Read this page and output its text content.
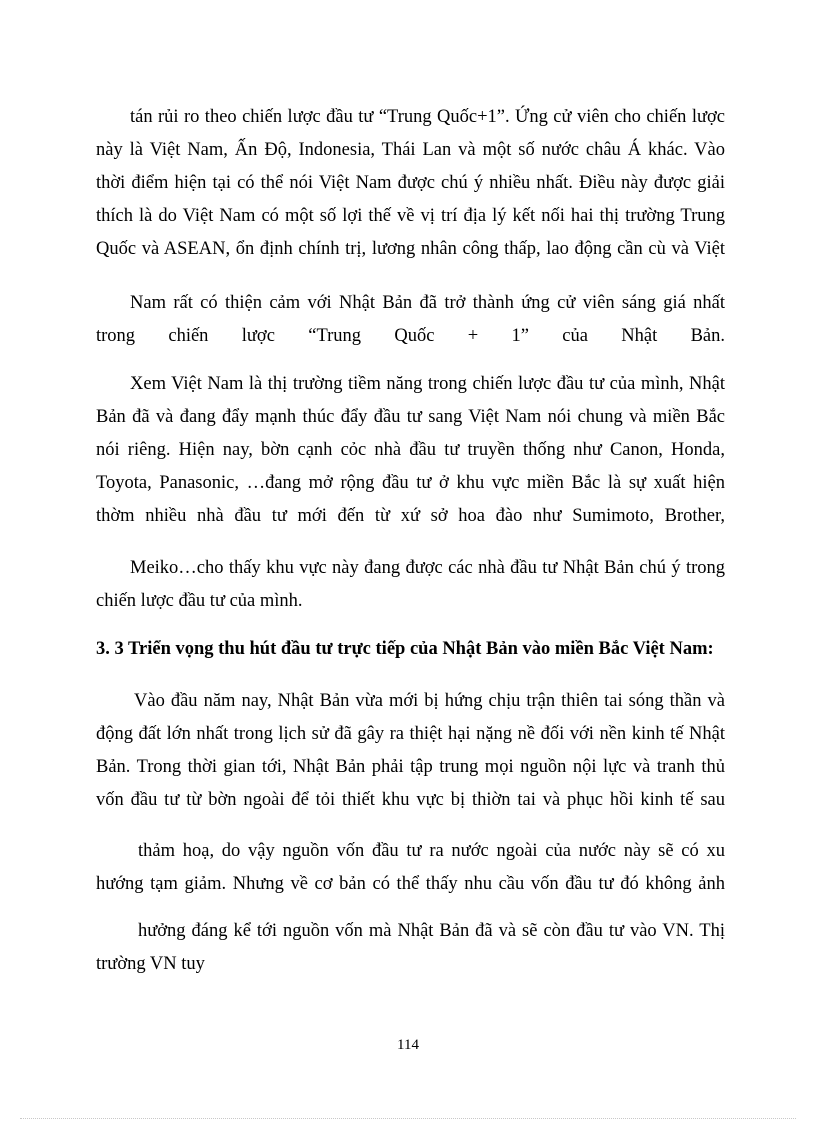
tán rủi ro theo chiến lược đầu tư “Trung Quốc+1”. Ứng cử viên cho chiến lược
này là Việt Nam, Ấn Độ, Indonesia, Thái Lan và một số nước châu Á khác. Vào
thời điểm hiện tại có thể nói Việt Nam được chú ý nhiều nhất. Điều này được giải
thích là do Việt Nam có một số lợi thế về vị trí địa lý kết nối hai thị trường Trung
Quốc và ASEAN, ổn định chính trị, lương nhân công thấp, lao động cần cù và Việt
Nam rất có thiện cảm với Nhật Bản đã trở thành ứng cử viên sáng giá nhất
trong chiến lược “Trung Quốc + 1” của Nhật Bản.
Xem Việt Nam là thị trường tiềm năng trong chiến lược đầu tư của mình, Nhật
Bản đã và đang đẩy mạnh thúc đẩy đầu tư sang Việt Nam nói chung và miền Bắc
nói riêng. Hiện nay, bờn cạnh cỏc nhà đầu tư truyền thống như Canon, Honda,
Toyota, Panasonic, …đang mở rộng đầu tư ở khu vực miền Bắc là sự xuất hiện
thờm nhiều nhà đầu tư mới đến từ xứ sở hoa đào như Sumimoto, Brother,
Meiko…cho thấy khu vực này đang được các nhà đầu tư Nhật Bản chú ý trong
chiến lược đầu tư của mình.
3. 3 Triển vọng thu hút đầu tư trực tiếp của Nhật Bản vào miền Bắc Việt Nam:
Vào đầu năm nay, Nhật Bản vừa mới bị hứng chịu trận thiên tai sóng thần và
động đất lớn nhất trong lịch sử đã gây ra thiệt hại nặng nề đối với nền kinh tế Nhật
Bản. Trong thời gian tới, Nhật Bản phải tập trung mọi nguồn nội lực và tranh thủ
vốn đầu tư từ bờn ngoài để tỏi thiết khu vực bị thiờn tai và phục hồi kinh tế sau
thảm hoạ, do vậy nguồn vốn đầu tư ra nước ngoài của nước này sẽ có xu
hướng tạm giảm. Nhưng về cơ bản có thể thấy nhu cầu vốn đầu tư đó không ảnh
hưởng đáng kể tới nguồn vốn mà Nhật Bản đã và sẽ còn đầu tư vào VN. Thị
trường VN tuy
114
